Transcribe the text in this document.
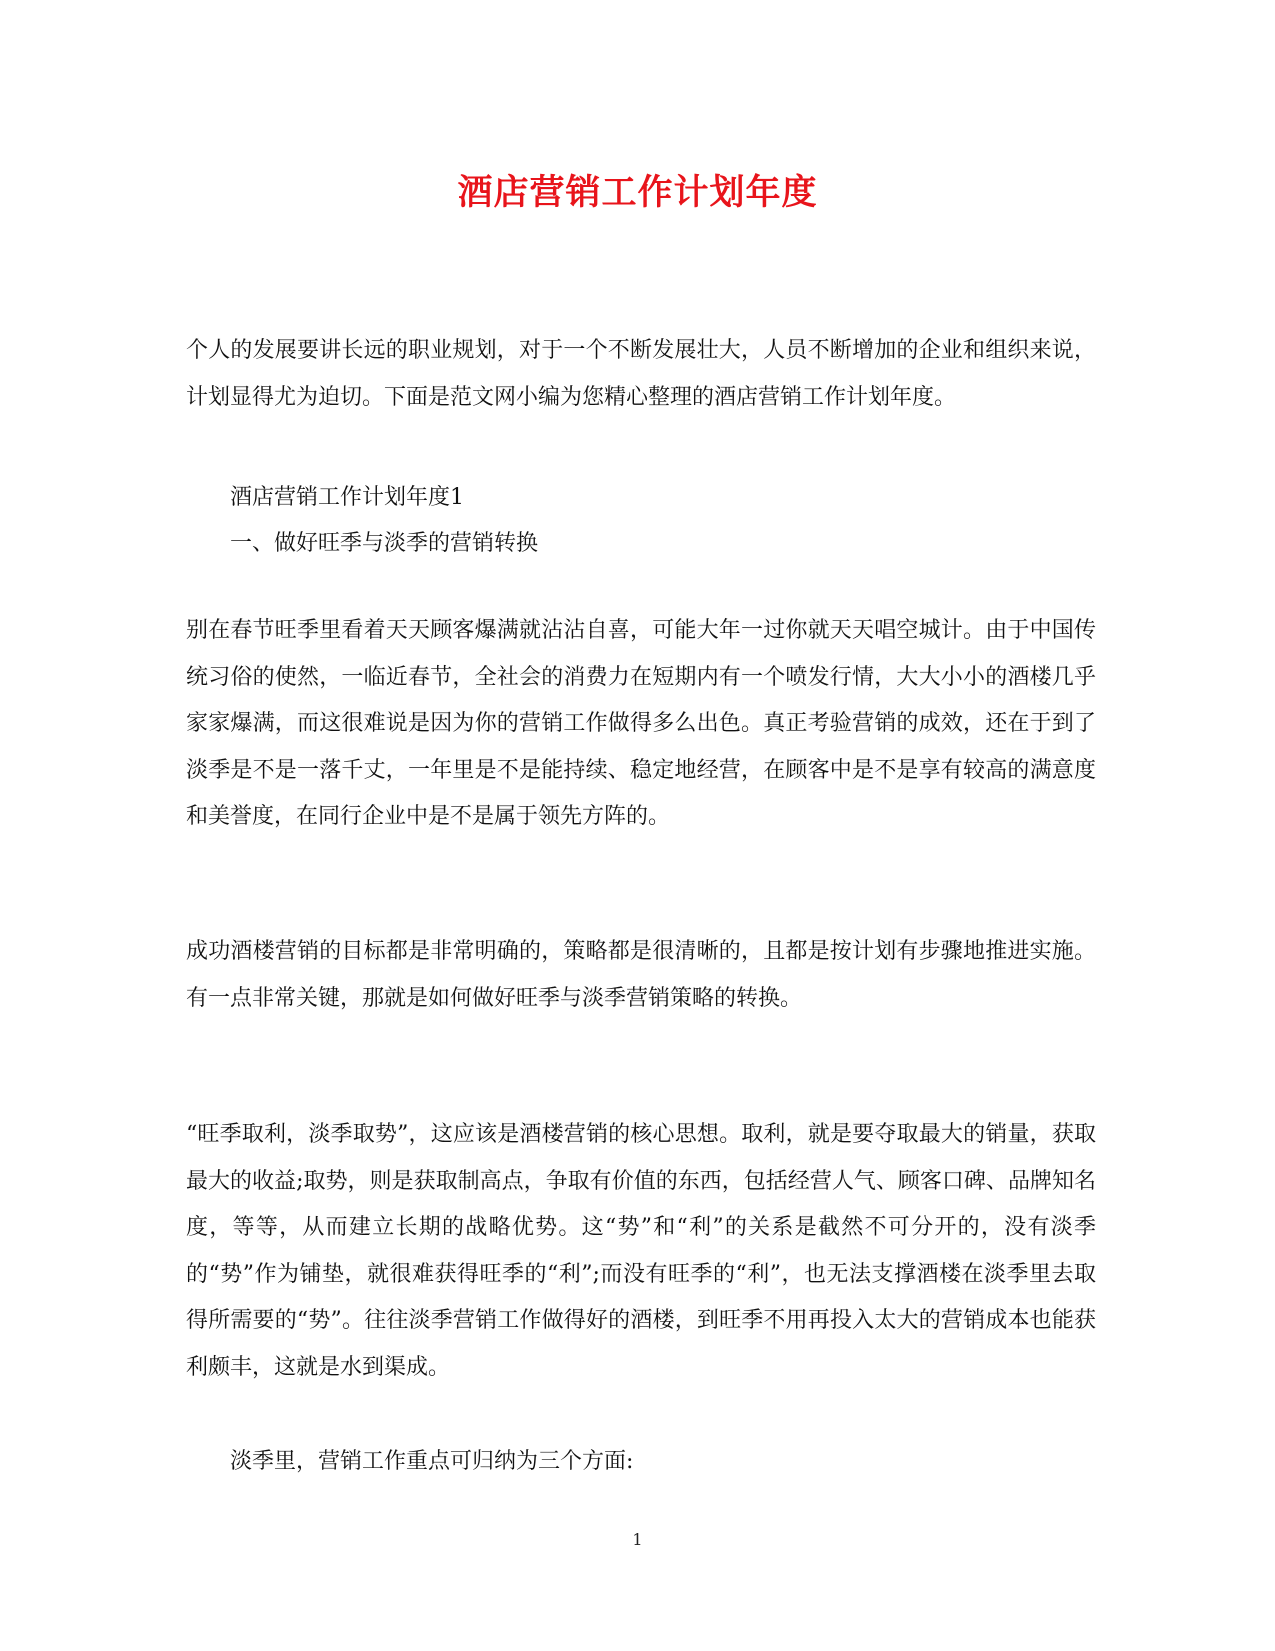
酒店营销工作计划年度
个人的发展要讲长远的职业规划，对于一个不断发展壮大，人员不断增加的企业和组织来说，计划显得尤为迫切。下面是范文网小编为您精心整理的酒店营销工作计划年度。
酒店营销工作计划年度1
一、做好旺季与淡季的营销转换
别在春节旺季里看着天天顾客爆满就沾沾自喜，可能大年一过你就天天唱空城计。由于中国传统习俗的使然，一临近春节，全社会的消费力在短期内有一个喷发行情，大大小小的酒楼几乎家家爆满，而这很难说是因为你的营销工作做得多么出色。真正考验营销的成效，还在于到了淡季是不是一落千丈，一年里是不是能持续、稳定地经营，在顾客中是不是享有较高的满意度和美誉度，在同行企业中是不是属于领先方阵的。
成功酒楼营销的目标都是非常明确的，策略都是很清晰的，且都是按计划有步骤地推进实施。有一点非常关键，那就是如何做好旺季与淡季营销策略的转换。
“旺季取利，淡季取势”，这应该是酒楼营销的核心思想。取利，就是要夺取最大的销量，获取最大的收益;取势，则是获取制高点，争取有价值的东西，包括经营人气、顾客口碑、品牌知名度，等等，从而建立长期的战略优势。这“势”和“利”的关系是截然不可分开的，没有淡季的“势”作为铺垫，就很难获得旺季的“利”;而没有旺季的“利”，也无法支撑酒楼在淡季里去取得所需要的“势”。往往淡季营销工作做得好的酒楼，到旺季不用再投入太大的营销成本也能获利颇丰，这就是水到渠成。
淡季里，营销工作重点可归纳为三个方面:
1
